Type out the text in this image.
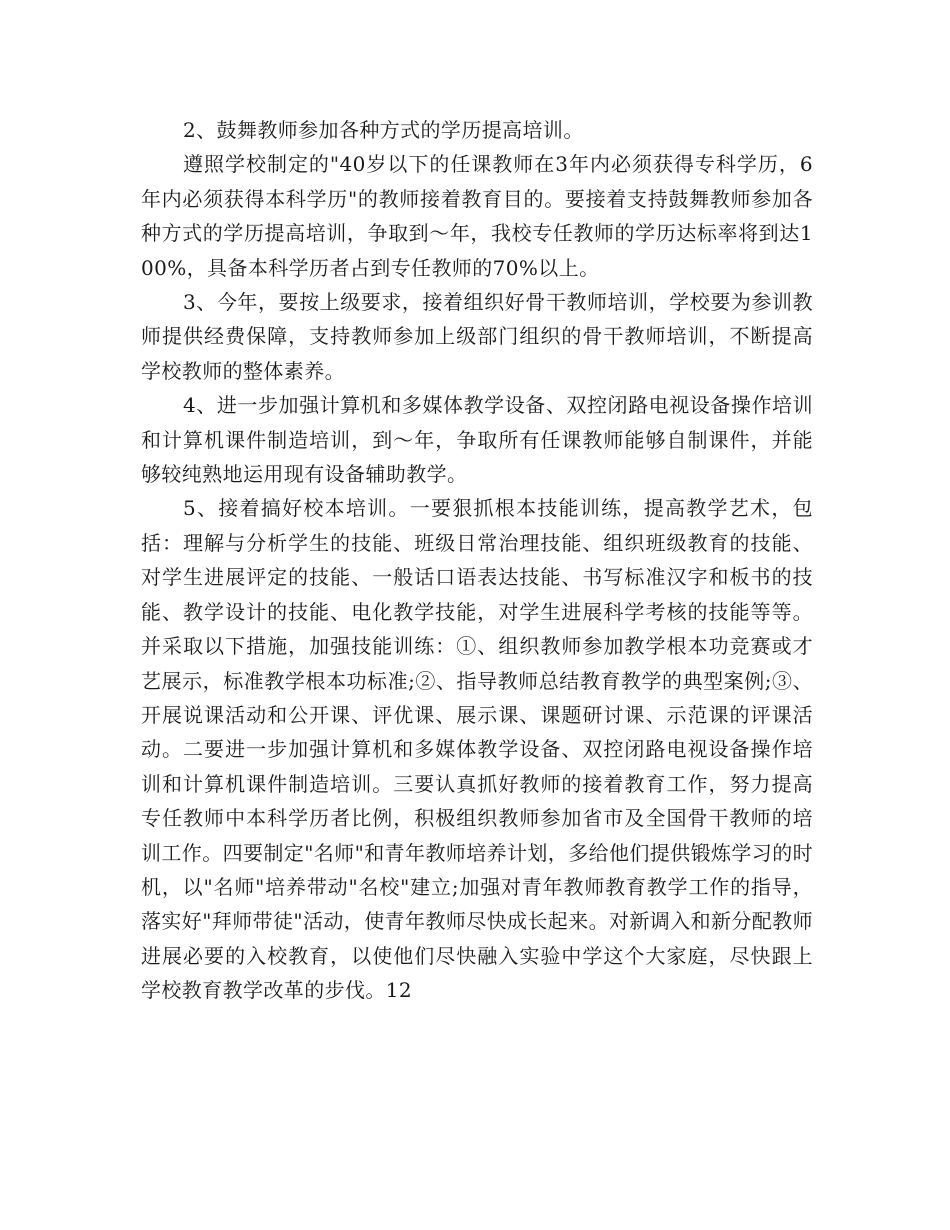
2、鼓舞教师参加各种方式的学历提高培训。

遵照学校制定的"40岁以下的任课教师在3年内必须获得专科学历，6年内必须获得本科学历"的教师接着教育目的。要接着支持鼓舞教师参加各种方式的学历提高培训，争取到～年，我校专任教师的学历达标率将到达100%，具备本科学历者占到专任教师的70%以上。

3、今年，要按上级要求，接着组织好骨干教师培训，学校要为参训教师提供经费保障，支持教师参加上级部门组织的骨干教师培训，不断提高学校教师的整体素养。

4、进一步加强计算机和多媒体教学设备、双控闭路电视设备操作培训和计算机课件制造培训，到～年，争取所有任课教师能够自制课件，并能够较纯熟地运用现有设备辅助教学。

5、接着搞好校本培训。一要狠抓根本技能训练，提高教学艺术，包括：理解与分析学生的技能、班级日常治理技能、组织班级教育的技能、对学生进展评定的技能、一般话口语表达技能、书写标准汉字和板书的技能、教学设计的技能、电化教学技能，对学生进展科学考核的技能等等。并采取以下措施，加强技能训练：①、组织教师参加教学根本功竞赛或才艺展示，标准教学根本功标准;②、指导教师总结教育教学的典型案例;③、开展说课活动和公开课、评优课、展示课、课题研讨课、示范课的评课活动。二要进一步加强计算机和多媒体教学设备、双控闭路电视设备操作培训和计算机课件制造培训。三要认真抓好教师的接着教育工作，努力提高专任教师中本科学历者比例，积极组织教师参加省市及全国骨干教师的培训工作。四要制定"名师"和青年教师培养计划，多给他们提供锻炼学习的时机，以"名师"培养带动"名校"建立;加强对青年教师教育教学工作的指导，落实好"拜师带徒"活动，使青年教师尽快成长起来。对新调入和新分配教师进展必要的入校教育，以使他们尽快融入实验中学这个大家庭，尽快跟上学校教育教学改革的步伐。12
